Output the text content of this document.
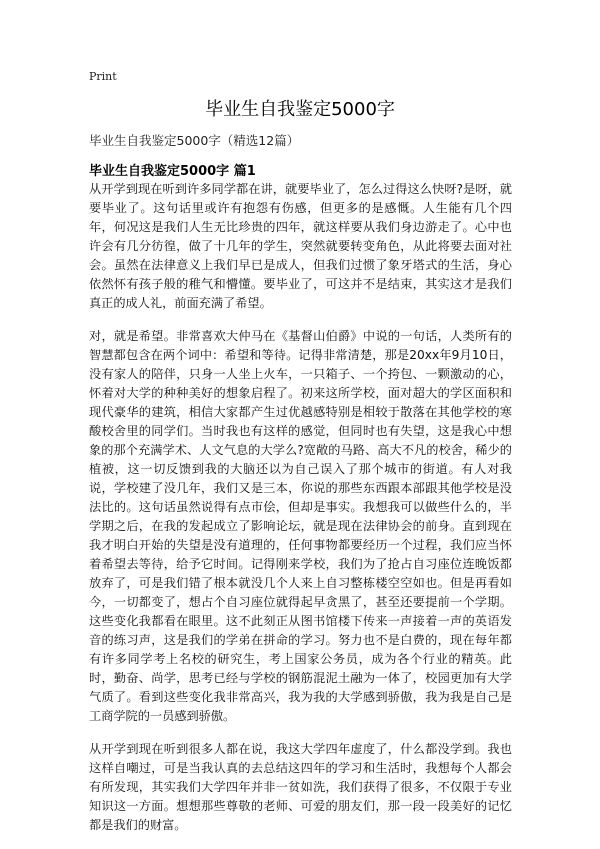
Print
毕业生自我鉴定5000字

毕业生自我鉴定5000字（精选12篇）

毕业生自我鉴定5000字 篇1

从开学到现在听到许多同学都在讲，就要毕业了，怎么过得这么快呀?是呀，就要毕业了。这句话里或许有抱怨有伤感，但更多的是感慨。人生能有几个四年，何况这是我们人生无比珍贵的四年，就这样要从我们身边游走了。心中也许会有几分彷徨，做了十几年的学生，突然就要转变角色，从此将要去面对社会。虽然在法律意义上我们早已是成人，但我们过惯了象牙塔式的生活，身心依然怀有孩子般的稚气和懵懂。要毕业了，可这并不是结束，其实这才是我们真正的成人礼，前面充满了希望。

对，就是希望。非常喜欢大仲马在《基督山伯爵》中说的一句话，人类所有的智慧都包含在两个词中：希望和等待。记得非常清楚，那是20xx年9月10日，没有家人的陪伴，只身一人坐上火车，一只箱子、一个挎包、一颗激动的心，怀着对大学的种种美好的想象启程了。初来这所学校，面对超大的学区面积和现代豪华的建筑，相信大家都产生过优越感特别是相较于散落在其他学校的寒酸校舍里的同学们。当时我也有这样的感觉，但同时也有失望，这是我心中想象的那个充满学术、人文气息的大学么?宽敞的马路、高大不凡的校舍，稀少的植被，这一切反馈到我的大脑还以为自己误入了那个城市的街道。有人对我说，学校建了没几年，我们又是三本，你说的那些东西跟本部跟其他学校是没法比的。这句话虽然说得有点市侩，但却是事实。我想我可以做些什么的，半学期之后，在我的发起成立了影响论坛，就是现在法律协会的前身。直到现在我才明白开始的失望是没有道理的，任何事物都要经历一个过程，我们应当怀着希望去等待，给予它时间。记得刚来学校，我们为了抢占自习座位连晚饭都放弃了，可是我们错了根本就没几个人来上自习整栋楼空空如也。但是再看如今，一切都变了，想占个自习座位就得起早贪黑了，甚至还要提前一个学期。这些变化我都看在眼里。这不此刻正从图书馆楼下传来一声接着一声的英语发音的练习声，这是我们的学弟在拼命的学习。努力也不是白费的，现在每年都有许多同学考上名校的研究生，考上国家公务员，成为各个行业的精英。此时，勤奋、尚学，思考已经与学校的钢筋混泥土融为一体了，校园更加有大学气质了。看到这些变化我非常高兴，我为我的大学感到骄傲，我为我是自己是工商学院的一员感到骄傲。

从开学到现在听到很多人都在说，我这大学四年虚度了，什么都没学到。我也这样自嘲过，可是当我认真的去总结这四年的学习和生活时，我想每个人都会有所发现，其实我们大学四年并非一贫如洗，我们获得了很多，不仅限于专业知识这一方面。想想那些尊敬的老师、可爱的朋友们，那一段一段美好的记忆都是我们的财富。
